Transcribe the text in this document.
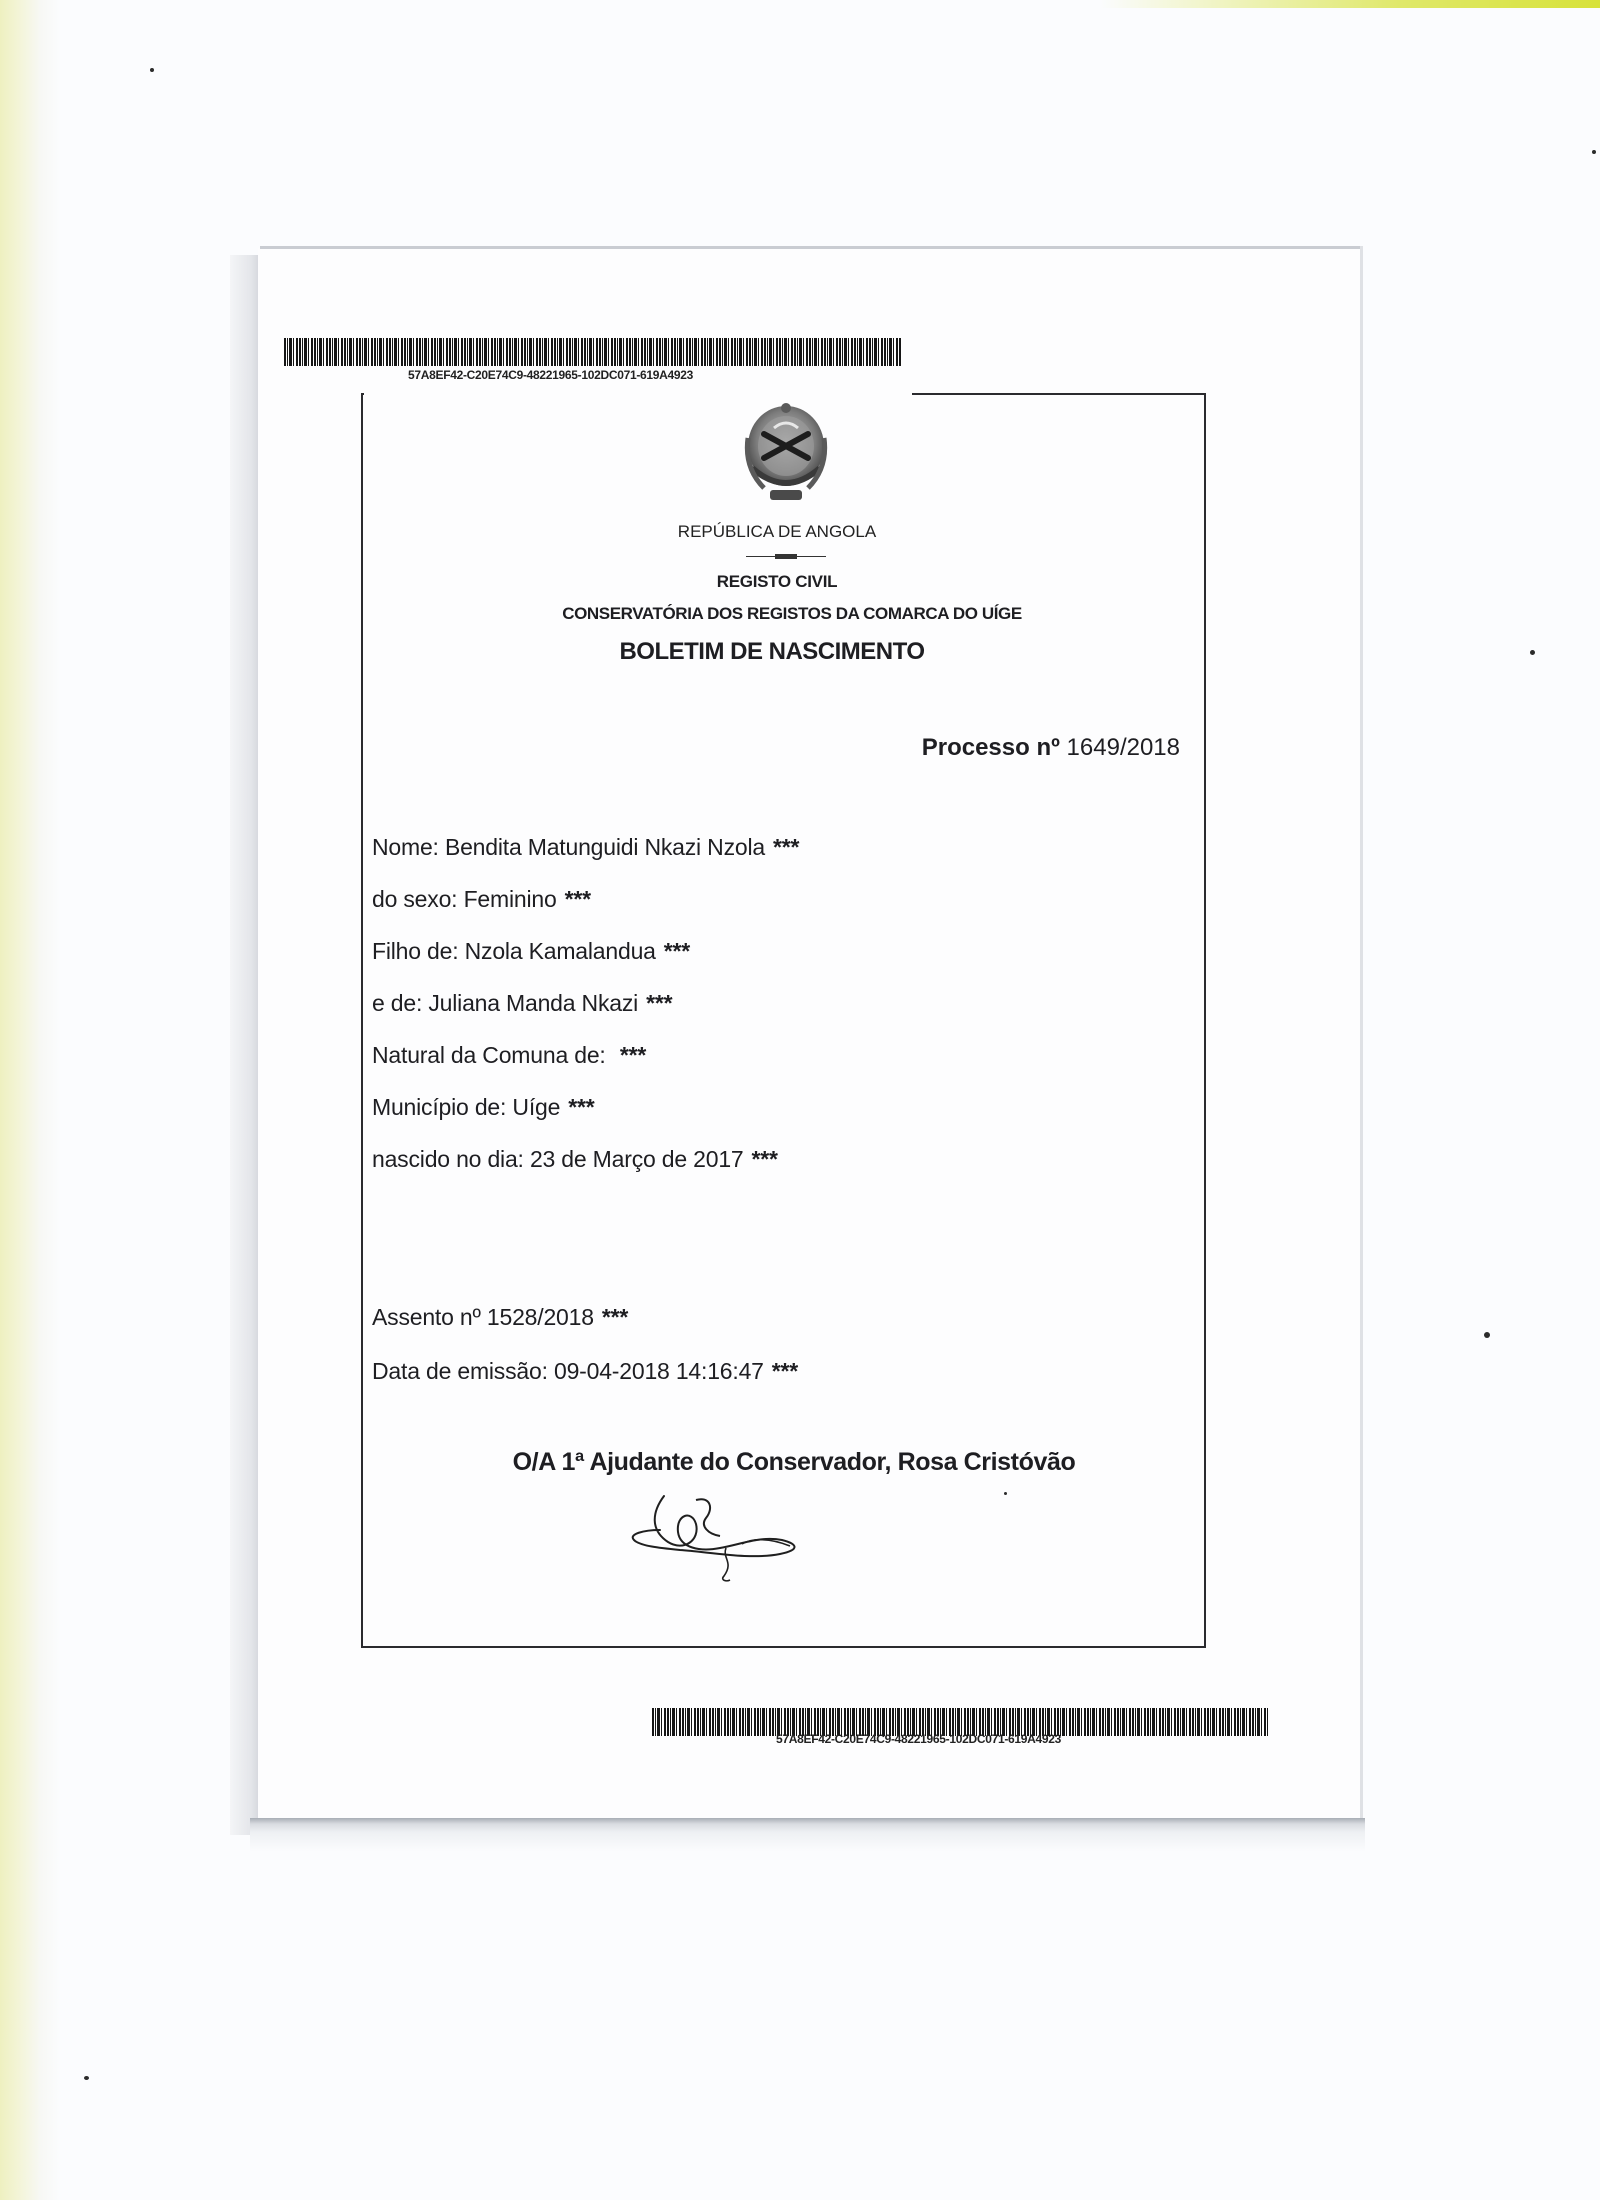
57A8EF42-C20E74C9-48221965-102DC071-619A4923
REPÚBLICA DE ANGOLA
REGISTO CIVIL
CONSERVATÓRIA DOS REGISTOS DA COMARCA DO UÍGE
BOLETIM DE NASCIMENTO
Processo nº 1649/2018
Nome: Bendita Matunguidi Nkazi Nzola ***
do sexo: Feminino ***
Filho de: Nzola Kamalandua ***
e de: Juliana Manda Nkazi ***
Natural da Comuna de: ***
Município de: Uíge ***
nascido no dia: 23 de Março de 2017 ***
Assento nº 1528/2018 ***
Data de emissão: 09-04-2018 14:16:47 ***
O/A 1ª Ajudante do Conservador, Rosa Cristóvão
57A8EF42-C20E74C9-48221965-102DC071-619A4923
